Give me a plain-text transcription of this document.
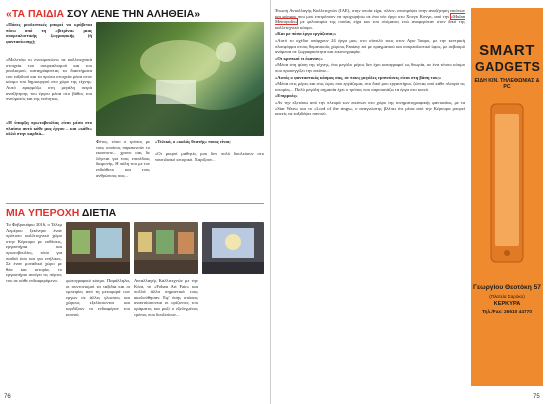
«ΤΑ ΠΑΙΔΙΑ ΣΟΥ ΛΕΝΕ ΤΗΝ ΑΛΗΘΕΙΑ»
«Πόσες ρεαλιστικές μπορεί να κρύβεται πίσω από τη «βιτρίνα» μιας σουρεαλιστικής ζωγραφικής (ή φαντασίωσης);
«Μελετάω κι ενσωματώνω τα καλλιτεχνικά στοιχεία του σουρεαλισμού και του ρεαλισμού, καταγράφοντας τα διαστήματα του ταξιδιού και τα πρώτα στοιχεία μέσα στον κόσμο του δημιουργού στο χώρο της τέχνης. Αυτό εφαρμόζω στη μεγάλη σειρά αναζήτησης του έργου μέσα στο βάθος του πνεύματός και της νεότητας.
«Η ύπαρξη πρωτοβουλίας είναι μέσα στο πλαίσιο αυτό κάθε μας έργου – και «κάθε» αλλά στην καρδιά...
Φέτος, τόσο ο τρόπος με τους οποίους παρακινούν το εκαστοτε... χρονο σας δε λέγεται για τους επιπέδους διαμονής. Η πάλη του με τον ενδιάθετο και τους ανθρώπους σας...
«Τελικά, ο «καλός θεατής» ποιος είναι;
«Οι μικροί μαθητές μου δεν πολύ δουλεύουν στο ναυτιλιακό ιστορικό. Χαρίζουν...
ΜΙΑ ΥΠΕΡΟΧΗ ΔΙΕΤΙΑ
Το Φεβρουάριο 2016, ο Τέλεμ Λεμέρου ξεκίνησε έναν πρότυπο καλλιτεχνικό χώρο στην Κέρκυρα με εκθέσεις, εργαστήρια και πρωτοβουλίες, τόσο για παιδιά όσο και για ενήλικες. Σε έναν μοναδικό χώρο με θέα και ιστορία, το εργαστήριο ανοίγει τις πόρτες του σε κάθε ενδιαφερόμενο.	φωτογραφικό κόσμο. Παράλληλα, οι συντονισμοί τα ταξίδια και οι εμπειρίες από τη μεταφορά των εργων σε άλλες γλωσσες και χώρους εξελίσσονται και κερδίζουν το ενδιαφέρον του κοινού.
Ανταλλαγής Καλλιτεχνών με την Κίνα, το «Fohan Art Fair» και πολλά άλλα σημαντικά τους ακολούθησαν. Εφ' όσης στάσεις αναπτύσσονται οι ορίζοντες του οράματος και μαζί ο εξελιγμένος τρόπος που δουλεύουν...
76

Ένωση Ανταλλαγής Καλλιτεχνών (ΙΑΕ), στην οποία είχα, πλέον, επιστρέψει στην αναζήτηση εικόνων και φόρμας που μου επιτρέπουν να προχωρήσω σε ένα νέο έργο στο Χονγκ Κονγκ, από την «Mulan Metropolis» με φιλοσοφία της οποίας είχα και του ονόματος ενώ αναφερόταν στον δικό της καλλιτεχνικό κόσμο.

«Και με πόσα έργα εργάζεσαι;»

«Αυτό το σχέδιο υπάρχουν 24 έργα μου, στο σύνολό τους στον Αγιο Ίσαρο, με την κεντρική πλατφόρμα στους θεματικούς χώρους Fantasy art με πραγματικό και σουρεαλιστικό ύφος, με σεβασμό ανάμεσα σε ζωγραφικότητα και εικονογραφία.

«Οι κριτικοί τι έκαναν;»

«Μέσα στη φύση της τέχνης, ένα μεγάλο μέρος δεν έχει καταγραφεί ως θεωρία, σε ένα τέτοιο κόσμο που προσεγγίζει την εικόνα...

«Αυτός ο φανταστικός κόσμος σας, σε ποιες μεγάλες εμπνεύσεις είναι στη βάση του;»

«Μέσα στις μέρες και στις ώρες που εργάζομαι, στο δικό μου εργαστήριο, ζώντας από κάθε πλευρά τις ιστορίες... Πολύ μεγάλη σημασία έχει ο τρόπος που παρουσιάζω τα έργα στο κοινό.

«Επιρροές»

«Αν την εξετάσω από την πλευρά των εικόνων στο χώρο της κινηματογραφικής φαντασίας, με τα «Star Wars» και το «Lord of the rings», ο αναγνώστης βλέπει ότι μέσα από την Κέρκυρα μπορεί κανείς να ταξιδέψει παντού.

SMART
GADGETS
ΕΙΔΗ ΚΙΝ. ΤΗΛΕΦΩΝΙΑΣ & PC
Γεωργίου Θεοτόκη 57
(Πλατεία Σαρόκο)
ΚΕΡΚΥΡΑ
Τηλ./Fax: 26610 44770
75
